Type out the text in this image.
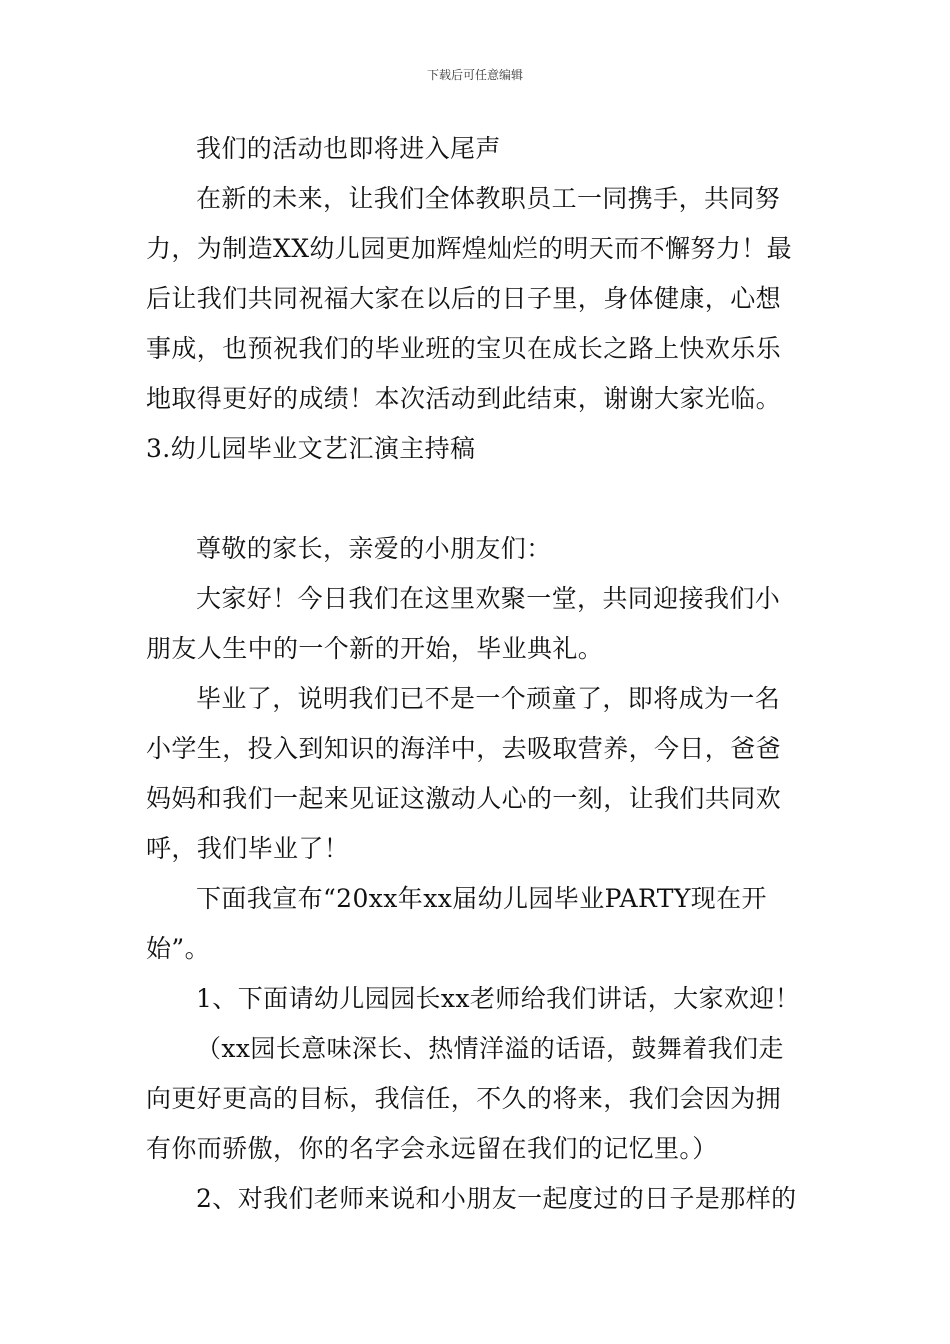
下载后可任意编辑
我们的活动也即将进入尾声
在新的未来，让我们全体教职员工一同携手，共同努
力，为制造XX幼儿园更加辉煌灿烂的明天而不懈努力！最
后让我们共同祝福大家在以后的日子里，身体健康，心想
事成，也预祝我们的毕业班的宝贝在成长之路上快欢乐乐
地取得更好的成绩！本次活动到此结束，谢谢大家光临。
3.幼儿园毕业文艺汇演主持稿
尊敬的家长，亲爱的小朋友们：
大家好！今日我们在这里欢聚一堂，共同迎接我们小
朋友人生中的一个新的开始，毕业典礼。
毕业了，说明我们已不是一个顽童了，即将成为一名
小学生，投入到知识的海洋中，去吸取营养，今日，爸爸
妈妈和我们一起来见证这激动人心的一刻，让我们共同欢
呼，我们毕业了！
下面我宣布“20xx年xx届幼儿园毕业PARTY现在开
始”。
1、下面请幼儿园园长xx老师给我们讲话，大家欢迎！
（xx园长意味深长、热情洋溢的话语，鼓舞着我们走
向更好更高的目标，我信任，不久的将来，我们会因为拥
有你而骄傲，你的名字会永远留在我们的记忆里。）
2、对我们老师来说和小朋友一起度过的日子是那样的
